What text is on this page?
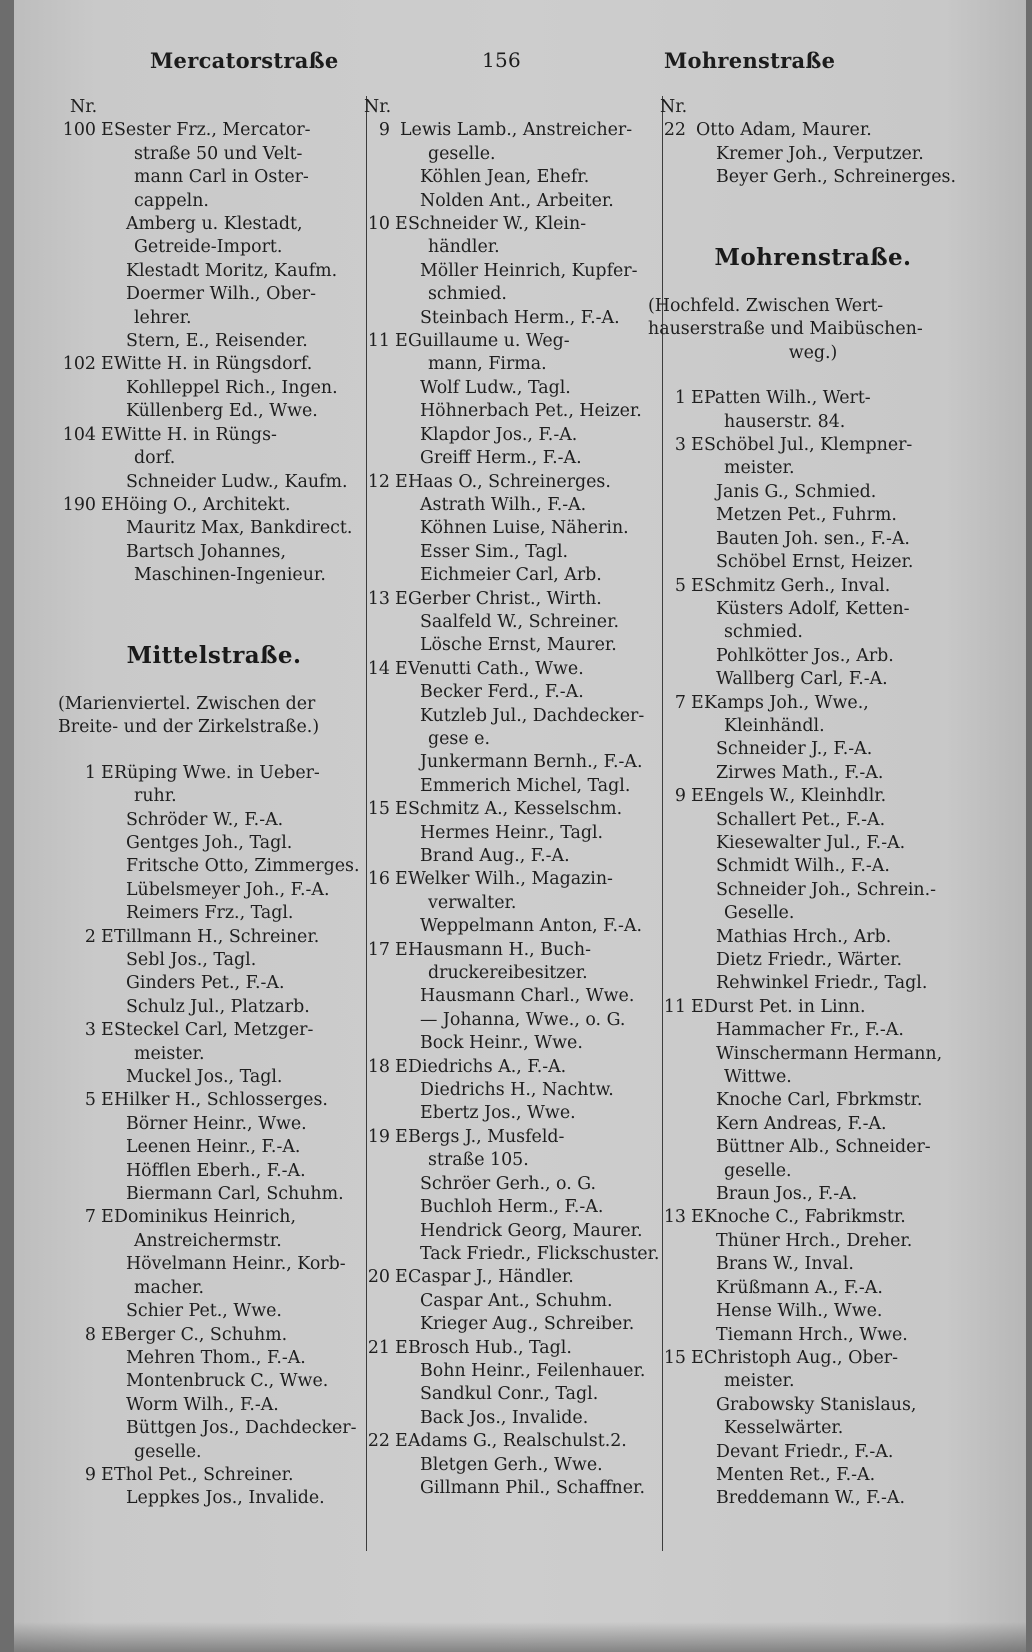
Mercatorstraße	156	Mohrenstraße
Nr.
100 E Sester Frz., Mercator-
straße 50 und Velt-
mann Carl in Oster-
cappeln.
Amberg u. Klestadt,
Getreide-Import.
Klestadt Moritz, Kaufm.
Doermer Wilh., Ober-
lehrer.
Stern, E., Reisender.
102 E Witte H. in Rüngsdorf.
Kohlleppel Rich., Ingen.
Küllenberg Ed., Wwe.
104 E Witte H. in Rüngs-
dorf.
Schneider Ludw., Kaufm.
190 E Höing O., Architekt.
Mauritz Max, Bankdirect.
Bartsch Johannes,
Maschinen-Ingenieur.
Mittelstraße.
(Marienviertel. Zwischen der
Breite- und der Zirkelstraße.)
1 E Rüping Wwe. in Ueber-
ruhr.
Schröder W., F.-A.
Gentges Joh., Tagl.
Fritsche Otto, Zimmerges.
Lübelsmeyer Joh., F.-A.
Reimers Frz., Tagl.
2 E Tillmann H., Schreiner.
Sebl Jos., Tagl.
Ginders Pet., F.-A.
Schulz Jul., Platzarb.
3 E Steckel Carl, Metzger-
meister.
Muckel Jos., Tagl.
5 E Hilker H., Schlosserges.
Börner Heinr., Wwe.
Leenen Heinr., F.-A.
Höfflen Eberh., F.-A.
Biermann Carl, Schuhm.
7 E Dominikus Heinrich,
Anstreichermstr.
Hövelmann Heinr., Korb-
macher.
Schier Pet., Wwe.
8 E Berger C., Schuhm.
Mehren Thom., F.-A.
Montenbruck C., Wwe.
Worm Wilh., F.-A.
Büttgen Jos., Dachdecker-
geselle.
9 E Thol Pet., Schreiner.
Leppkes Jos., Invalide.
Nr.
9 Lewis Lamb., Anstreicher-
geselle.
Köhlen Jean, Ehefr.
Nolden Ant., Arbeiter.
10 E Schneider W., Klein-
händler.
Möller Heinrich, Kupfer-
schmied.
Steinbach Herm., F.-A.
11 E Guillaume u. Weg-
mann, Firma.
Wolf Ludw., Tagl.
Höhnerbach Pet., Heizer.
Klapdor Jos., F.-A.
Greiff Herm., F.-A.
12 E Haas O., Schreinerges.
Astrath Wilh., F.-A.
Köhnen Luise, Näherin.
Esser Sim., Tagl.
Eichmeier Carl, Arb.
13 E Gerber Christ., Wirth.
Saalfeld W., Schreiner.
Lösche Ernst, Maurer.
14 E Venutti Cath., Wwe.
Becker Ferd., F.-A.
Kutzleb Jul., Dachdecker-
gese e.
Junkermann Bernh., F.-A.
Emmerich Michel, Tagl.
15 E Schmitz A., Kesselschm.
Hermes Heinr., Tagl.
Brand Aug., F.-A.
16 E Welker Wilh., Magazin-
verwalter.
Weppelmann Anton, F.-A.
17 E Hausmann H., Buch-
druckereibesitzer.
Hausmann Charl., Wwe.
— Johanna, Wwe., o. G.
Bock Heinr., Wwe.
18 E Diedrichs A., F.-A.
Diedrichs H., Nachtw.
Ebertz Jos., Wwe.
19 E Bergs J., Musfeld-
straße 105.
Schröer Gerh., o. G.
Buchloh Herm., F.-A.
Hendrick Georg, Maurer.
Tack Friedr., Flickschuster.
20 E Caspar J., Händler.
Caspar Ant., Schuhm.
Krieger Aug., Schreiber.
21 E Brosch Hub., Tagl.
Bohn Heinr., Feilenhauer.
Sandkul Conr., Tagl.
Back Jos., Invalide.
22 E Adams G., Realschulst.2.
Bletgen Gerh., Wwe.
Gillmann Phil., Schaffner.
Nr.
22 Otto Adam, Maurer.
Kremer Joh., Verputzer.
Beyer Gerh., Schreinerges.
Mohrenstraße.
(Hochfeld. Zwischen Wert-
hauserstraße und Maibüschen-
weg.)
1 E Patten Wilh., Wert-
hauserstr. 84.
3 E Schöbel Jul., Klempner-
meister.
Janis G., Schmied.
Metzen Pet., Fuhrm.
Bauten Joh. sen., F.-A.
Schöbel Ernst, Heizer.
5 E Schmitz Gerh., Inval.
Küsters Adolf, Ketten-
schmied.
Pohlkötter Jos., Arb.
Wallberg Carl, F.-A.
7 E Kamps Joh., Wwe.,
Kleinhändl.
Schneider J., F.-A.
Zirwes Math., F.-A.
9 E Engels W., Kleinhdlr.
Schallert Pet., F.-A.
Kiesewalter Jul., F.-A.
Schmidt Wilh., F.-A.
Schneider Joh., Schrein.-
Geselle.
Mathias Hrch., Arb.
Dietz Friedr., Wärter.
Rehwinkel Friedr., Tagl.
11 E Durst Pet. in Linn.
Hammacher Fr., F.-A.
Winschermann Hermann,
Wittwe.
Knoche Carl, Fbrkmstr.
Kern Andreas, F.-A.
Büttner Alb., Schneider-
geselle.
Braun Jos., F.-A.
13 E Knoche C., Fabrikmstr.
Thüner Hrch., Dreher.
Brans W., Inval.
Krüßmann A., F.-A.
Hense Wilh., Wwe.
Tiemann Hrch., Wwe.
15 E Christoph Aug., Ober-
meister.
Grabowsky Stanislaus,
Kesselwärter.
Devant Friedr., F.-A.
Menten Ret., F.-A.
Breddemann W., F.-A.
